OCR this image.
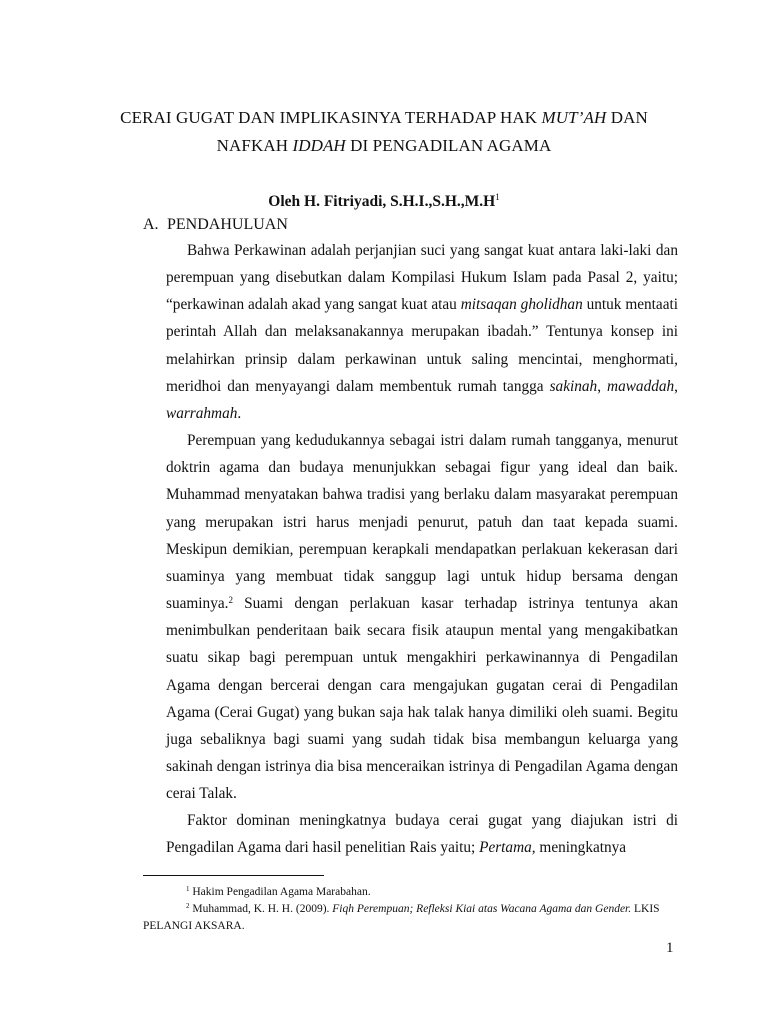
CERAI GUGAT DAN IMPLIKASINYA TERHADAP HAK MUT’AH DAN
NAFKAH IDDAH DI PENGADILAN AGAMA
Oleh H. Fitriyadi, $S.H.I.,S.H.,M.H^1$
A. PENDAHULUAN

Bahwa Perkawinan adalah perjanjian suci yang sangat kuat antara laki-laki dan perempuan yang disebutkan dalam Kompilasi Hukum Islam pada Pasal 2, yaitu; “perkawinan adalah akad yang sangat kuat atau mitsaqan gholidhan untuk mentaati perintah Allah dan melaksanakannya merupakan ibadah.” Tentunya konsep ini melahirkan prinsip dalam perkawinan untuk saling mencintai, menghormati, meridhoi dan menyayangi dalam membentuk rumah tangga sakinah, mawaddah, warrahmah.

Perempuan yang kedudukannya sebagai istri dalam rumah tangganya, menurut doktrin agama dan budaya menunjukkan sebagai figur yang ideal dan baik. Muhammad menyatakan bahwa tradisi yang berlaku dalam masyarakat perempuan yang merupakan istri harus menjadi penurut, patuh dan taat kepada suami. Meskipun demikian, perempuan kerapkali mendapatkan perlakuan kekerasan dari suaminya yang membuat tidak sanggup lagi untuk hidup bersama dengan suaminya.$^2$ Suami dengan perlakuan kasar terhadap istrinya tentunya akan menimbulkan penderitaan baik secara fisik ataupun mental yang mengakibatkan suatu sikap bagi perempuan untuk mengakhiri perkawinannya di Pengadilan Agama dengan bercerai dengan cara mengajukan gugatan cerai di Pengadilan Agama (Cerai Gugat) yang bukan saja hak talak hanya dimiliki oleh suami. Begitu juga sebaliknya bagi suami yang sudah tidak bisa membangun keluarga yang sakinah dengan istrinya dia bisa menceraikan istrinya di Pengadilan Agama dengan cerai Talak.

Faktor dominan meningkatnya budaya cerai gugat yang diajukan istri di Pengadilan Agama dari hasil penelitian Rais yaitu; Pertama, meningkatnya

$^1$ Hakim Pengadilan Agama Marabahan.
$^2$ Muhammad, K. H. H. (2009). Fiqh Perempuan; Refleksi Kiai atas Wacana Agama dan Gender. LKIS PELANGI AKSARA.
1
